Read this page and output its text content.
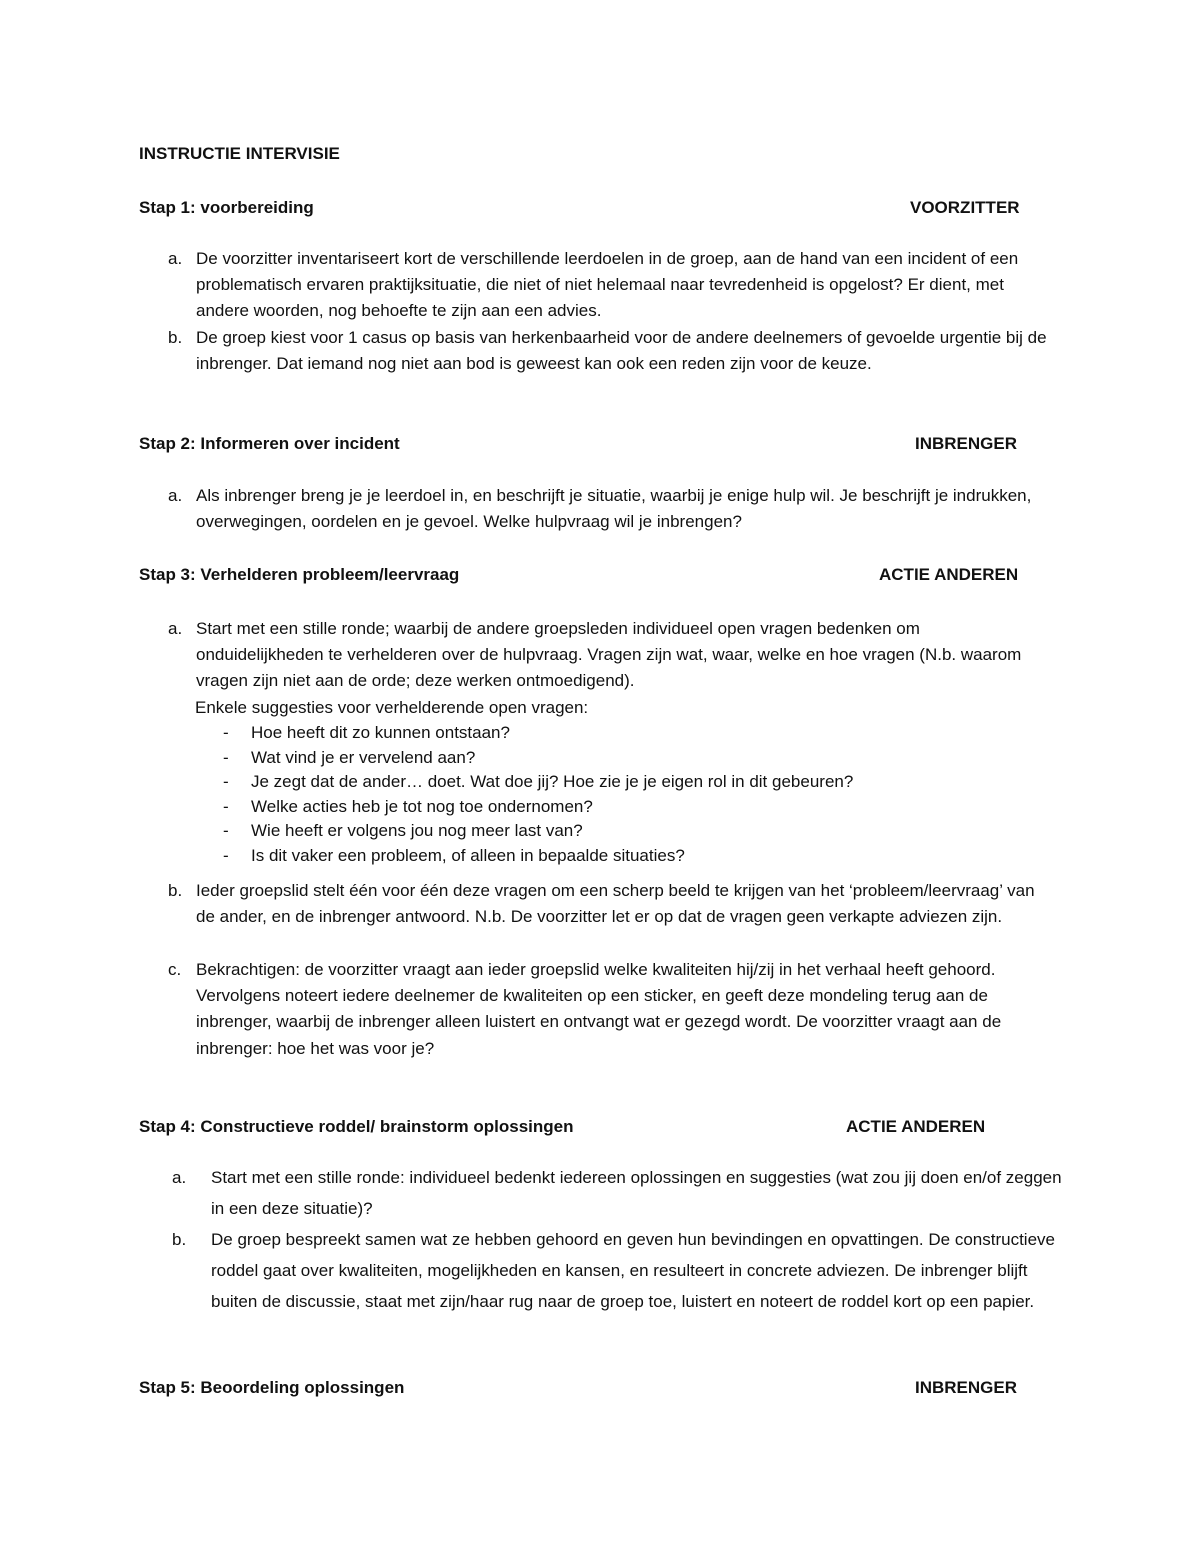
INSTRUCTIE INTERVISIE
Stap 1: voorbereiding	VOORZITTER
a. De voorzitter inventariseert kort de verschillende leerdoelen in de groep, aan de hand van een incident of een problematisch ervaren praktijksituatie, die niet of niet helemaal naar tevredenheid is opgelost? Er dient, met andere woorden, nog behoefte te zijn aan een advies.
b. De groep kiest voor 1 casus op basis van herkenbaarheid voor de andere deelnemers of gevoelde urgentie bij de inbrenger. Dat iemand nog niet aan bod is geweest kan ook een reden zijn voor de keuze.
Stap 2: Informeren over incident	INBRENGER
a. Als inbrenger breng je je leerdoel in, en beschrijft je situatie, waarbij je enige hulp wil. Je beschrijft je indrukken, overwegingen, oordelen en je gevoel. Welke hulpvraag wil je inbrengen?
Stap 3: Verhelderen probleem/leervraag	ACTIE ANDEREN
a. Start met een stille ronde; waarbij de andere groepsleden individueel open vragen bedenken om onduidelijkheden te verhelderen over de hulpvraag. Vragen zijn wat, waar, welke en hoe vragen (N.b. waarom vragen zijn niet aan de orde; deze werken ontmoedigend).
Enkele suggesties voor verhelderende open vragen:
- Hoe heeft dit zo kunnen ontstaan?
- Wat vind je er vervelend aan?
- Je zegt dat de ander… doet. Wat doe jij? Hoe zie je je eigen rol in dit gebeuren?
- Welke acties heb je tot nog toe ondernomen?
- Wie heeft er volgens jou nog meer last van?
- Is dit vaker een probleem, of alleen in bepaalde situaties?
b. Ieder groepslid stelt één voor één deze vragen om een scherp beeld te krijgen van het ‘probleem/leervraag’ van de ander, en de inbrenger antwoord. N.b. De voorzitter let er op dat de vragen geen verkapte adviezen zijn.
c. Bekrachtigen: de voorzitter vraagt aan ieder groepslid welke kwaliteiten hij/zij in het verhaal heeft gehoord. Vervolgens noteert iedere deelnemer de kwaliteiten op een sticker, en geeft deze mondeling terug aan de inbrenger, waarbij de inbrenger alleen luistert en ontvangt wat er gezegd wordt. De voorzitter vraagt aan de inbrenger: hoe het was voor je?
Stap 4: Constructieve roddel/ brainstorm oplossingen	ACTIE ANDEREN
a.	Start met een stille ronde: individueel bedenkt iedereen oplossingen en suggesties (wat zou jij doen en/of zeggen in een deze situatie)?
b.	De groep bespreekt samen wat ze hebben gehoord en geven hun bevindingen en opvattingen. De constructieve roddel gaat over kwaliteiten, mogelijkheden en kansen, en resulteert in concrete adviezen. De inbrenger blijft buiten de discussie, staat met zijn/haar rug naar de groep toe, luistert en noteert de roddel kort op een papier.
Stap 5: Beoordeling oplossingen	INBRENGER
